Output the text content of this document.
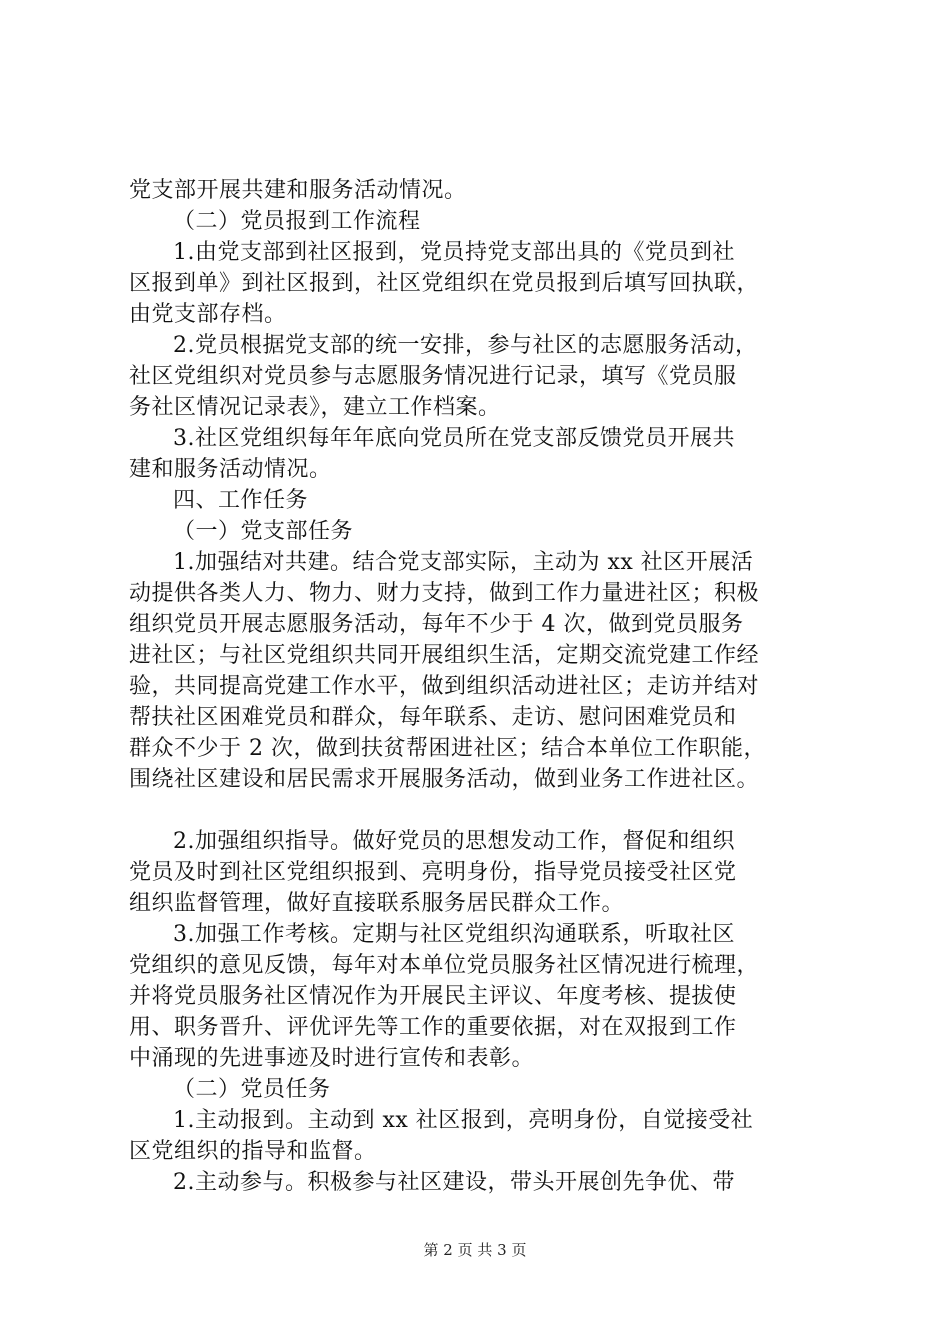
党支部开展共建和服务活动情况。
（二）党员报到工作流程
1.由党支部到社区报到，党员持党支部出具的《党员到社
区报到单》到社区报到，社区党组织在党员报到后填写回执联，
由党支部存档。
2.党员根据党支部的统一安排，参与社区的志愿服务活动，
社区党组织对党员参与志愿服务情况进行记录，填写《党员服
务社区情况记录表》，建立工作档案。
3.社区党组织每年年底向党员所在党支部反馈党员开展共
建和服务活动情况。
四、工作任务
（一）党支部任务
1.加强结对共建。结合党支部实际，主动为 xx 社区开展活
动提供各类人力、物力、财力支持，做到工作力量进社区；积极
组织党员开展志愿服务活动，每年不少于 4 次，做到党员服务
进社区；与社区党组织共同开展组织生活，定期交流党建工作经
验，共同提高党建工作水平，做到组织活动进社区；走访并结对
帮扶社区困难党员和群众，每年联系、走访、慰问困难党员和
群众不少于 2 次，做到扶贫帮困进社区；结合本单位工作职能，
围绕社区建设和居民需求开展服务活动，做到业务工作进社区。
2.加强组织指导。做好党员的思想发动工作，督促和组织
党员及时到社区党组织报到、亮明身份，指导党员接受社区党
组织监督管理，做好直接联系服务居民群众工作。
3.加强工作考核。定期与社区党组织沟通联系，听取社区
党组织的意见反馈，每年对本单位党员服务社区情况进行梳理，
并将党员服务社区情况作为开展民主评议、年度考核、提拔使
用、职务晋升、评优评先等工作的重要依据，对在双报到工作
中涌现的先进事迹及时进行宣传和表彰。
（二）党员任务
1.主动报到。主动到 xx 社区报到，亮明身份，自觉接受社
区党组织的指导和监督。
2.主动参与。积极参与社区建设，带头开展创先争优、带
第 2 页 共 3 页
